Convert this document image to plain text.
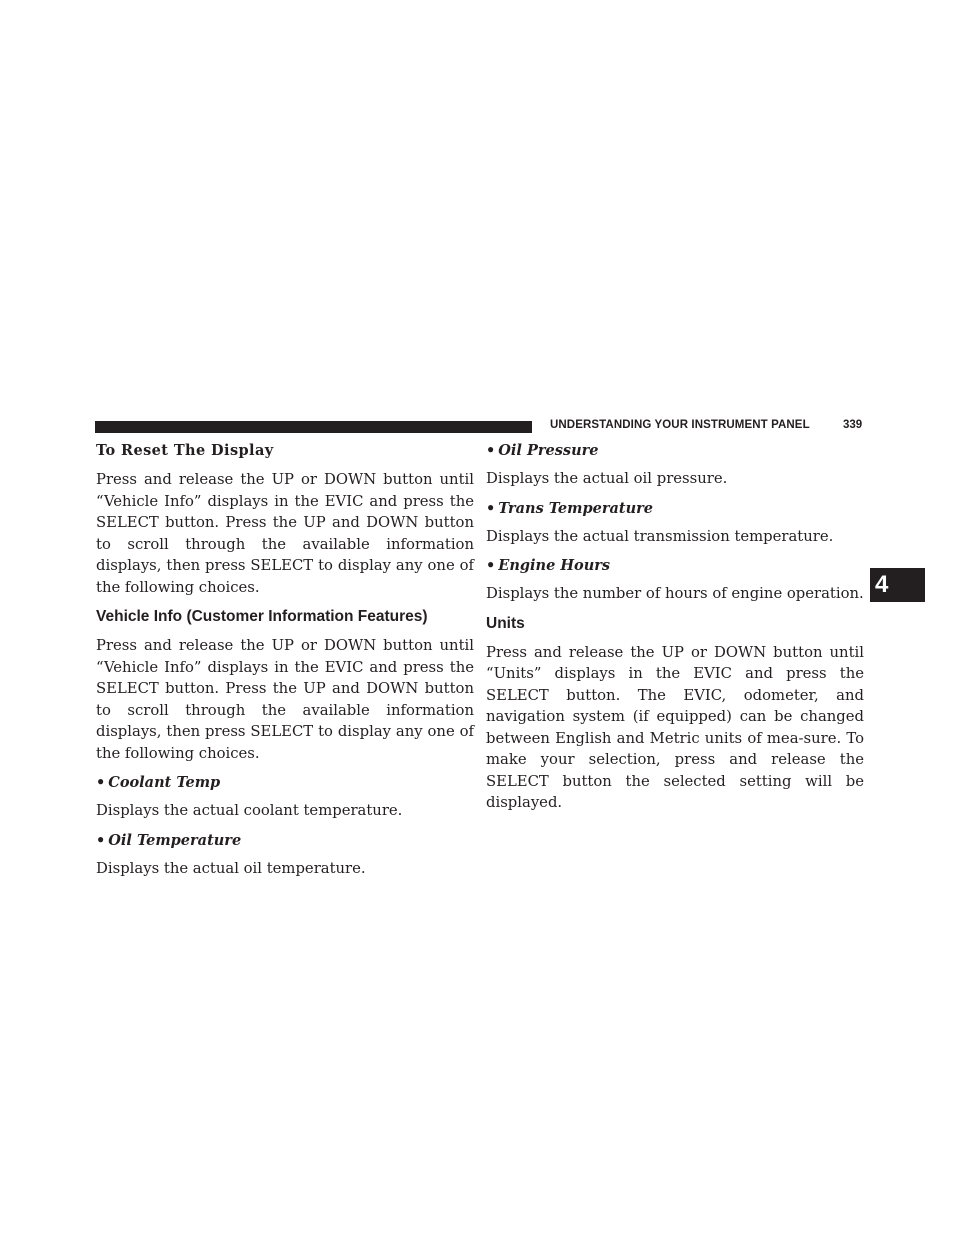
UNDERSTANDING YOUR INSTRUMENT PANEL	339
4
To Reset The Display

Press and release the UP or DOWN button until “Vehicle Info” displays in the EVIC and press the SELECT button. Press the UP and DOWN button to scroll through the available information displays, then press SELECT to display any one of the following choices.

Vehicle Info (Customer Information Features)

Press and release the UP or DOWN button until “Vehicle Info” displays in the EVIC and press the SELECT button. Press the UP and DOWN button to scroll through the available information displays, then press SELECT to display any one of the following choices.

• Coolant Temp

Displays the actual coolant temperature.

• Oil Temperature

Displays the actual oil temperature.

• Oil Pressure

Displays the actual oil pressure.

• Trans Temperature

Displays the actual transmission temperature.

• Engine Hours

Displays the number of hours of engine operation.

Units

Press and release the UP or DOWN button until “Units” displays in the EVIC and press the SELECT button. The EVIC, odometer, and navigation system (if equipped) can be changed between English and Metric units of mea-sure. To make your selection, press and release the SELECT button the selected setting will be displayed.
